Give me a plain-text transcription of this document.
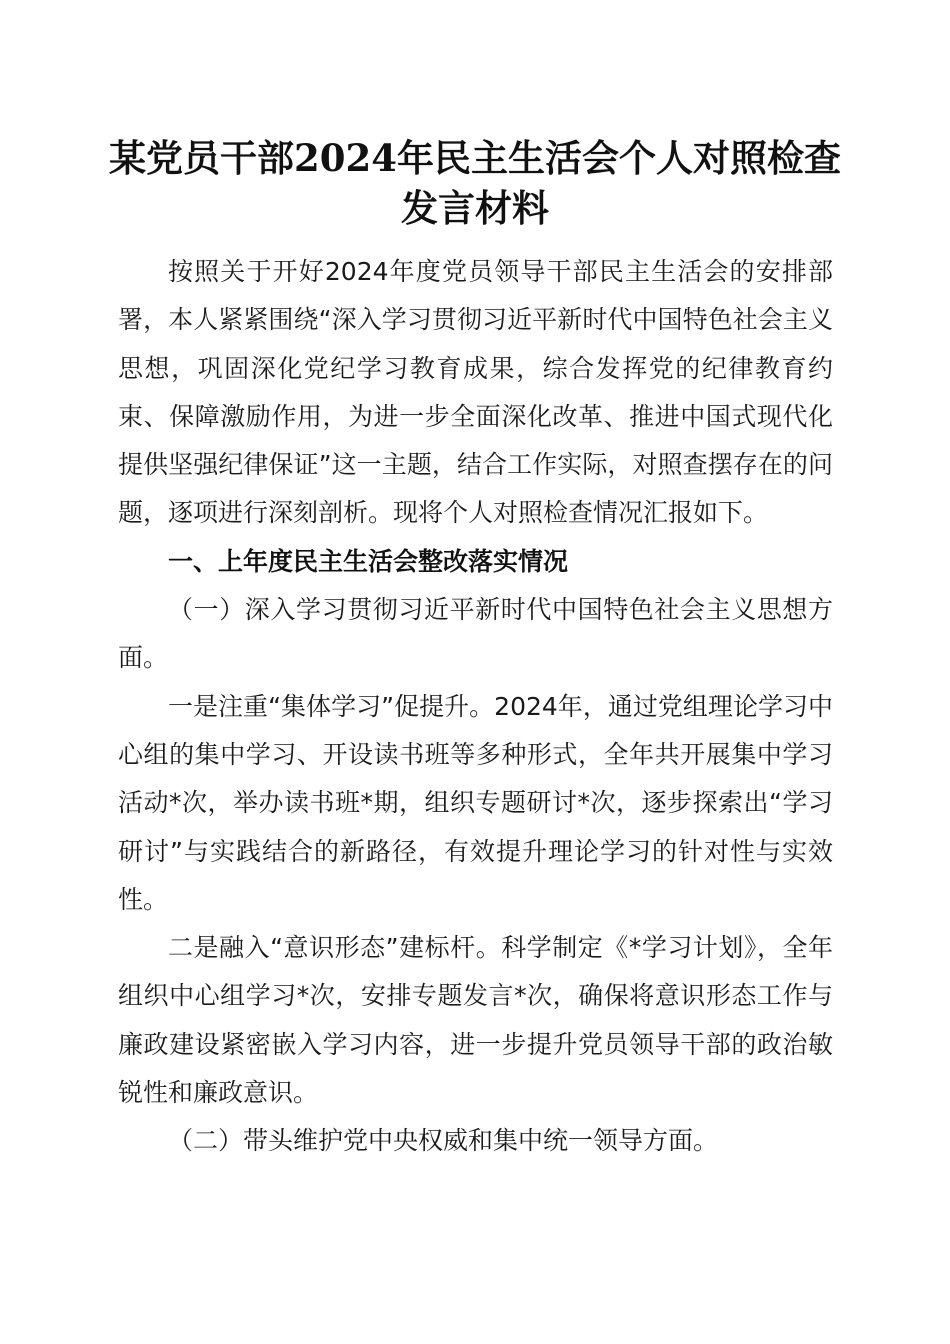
某党员干部2024年民主生活会个人对照检查
发言材料

按照关于开好2024年度党员领导干部民主生活会的安排部署，本人紧紧围绕“深入学习贯彻习近平新时代中国特色社会主义思想，巩固深化党纪学习教育成果，综合发挥党的纪律教育约束、保障激励作用，为进一步全面深化改革、推进中国式现代化提供坚强纪律保证”这一主题，结合工作实际，对照查摆存在的问题，逐项进行深刻剖析。现将个人对照检查情况汇报如下。

一、上年度民主生活会整改落实情况

（一）深入学习贯彻习近平新时代中国特色社会主义思想方面。

一是注重“集体学习”促提升。2024年，通过党组理论学习中心组的集中学习、开设读书班等多种形式，全年共开展集中学习活动*次，举办读书班*期，组织专题研讨*次，逐步探索出“学习研讨”与实践结合的新路径，有效提升理论学习的针对性与实效性。

二是融入“意识形态”建标杆。科学制定《*学习计划》，全年组织中心组学习*次，安排专题发言*次，确保将意识形态工作与廉政建设紧密嵌入学习内容，进一步提升党员领导干部的政治敏锐性和廉政意识。

（二）带头维护党中央权威和集中统一领导方面。
